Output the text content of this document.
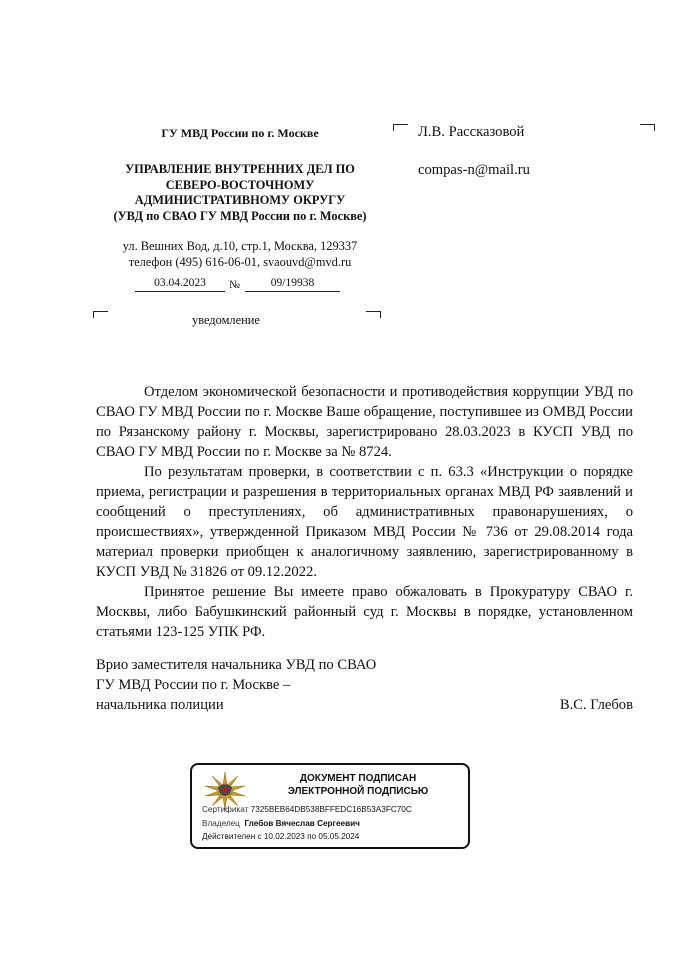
ГУ МВД России по г. Москве
УПРАВЛЕНИЕ ВНУТРЕННИХ ДЕЛ ПО
СЕВЕРО-ВОСТОЧНОМУ
АДМИНИСТРАТИВНОМУ ОКРУГУ
(УВД по СВАО ГУ МВД России по г. Москве)
ул. Вешних Вод, д.10, стр.1, Москва, 129337
телефон (495) 616-06-01, svaouvd@mvd.ru
03.04.2023	№	09/19938
уведомление
Л.В. Рассказовой
compas-n@mail.ru

Отделом экономической безопасности и противодействия коррупции УВД по СВАО ГУ МВД России по г. Москве Ваше обращение, поступившее из ОМВД России по Рязанскому району г. Москвы, зарегистрировано 28.03.2023 в КУСП УВД по СВАО ГУ МВД России по г. Москве за № 8724.

По результатам проверки, в соответствии с п. 63.3 «Инструкции о порядке приема, регистрации и разрешения в территориальных органах МВД РФ заявлений и сообщений о преступлениях, об административных правонарушениях, о происшествиях», утвержденной Приказом МВД России № 736 от 29.08.2014 года материал проверки приобщен к аналогичному заявлению, зарегистрированному в КУСП УВД № 31826 от 09.12.2022.

Принятое решение Вы имеете право обжаловать в Прокуратуру СВАО г. Москвы, либо Бабушкинский районный суд г. Москвы в порядке, установленном статьями 123-125 УПК РФ.

Врио заместителя начальника УВД по СВАО
ГУ МВД России по г. Москве –
начальника полиции	В.С. Глебов
ДОКУМЕНТ ПОДПИСАН
ЭЛЕКТРОННОЙ ПОДПИСЬЮ
Сертификат 7325BEB64DB538BFFEDC16B53A3FC70C
Владелец Глебов Вячеслав Сергеевич
Действителен с 10.02.2023 по 05.05.2024
